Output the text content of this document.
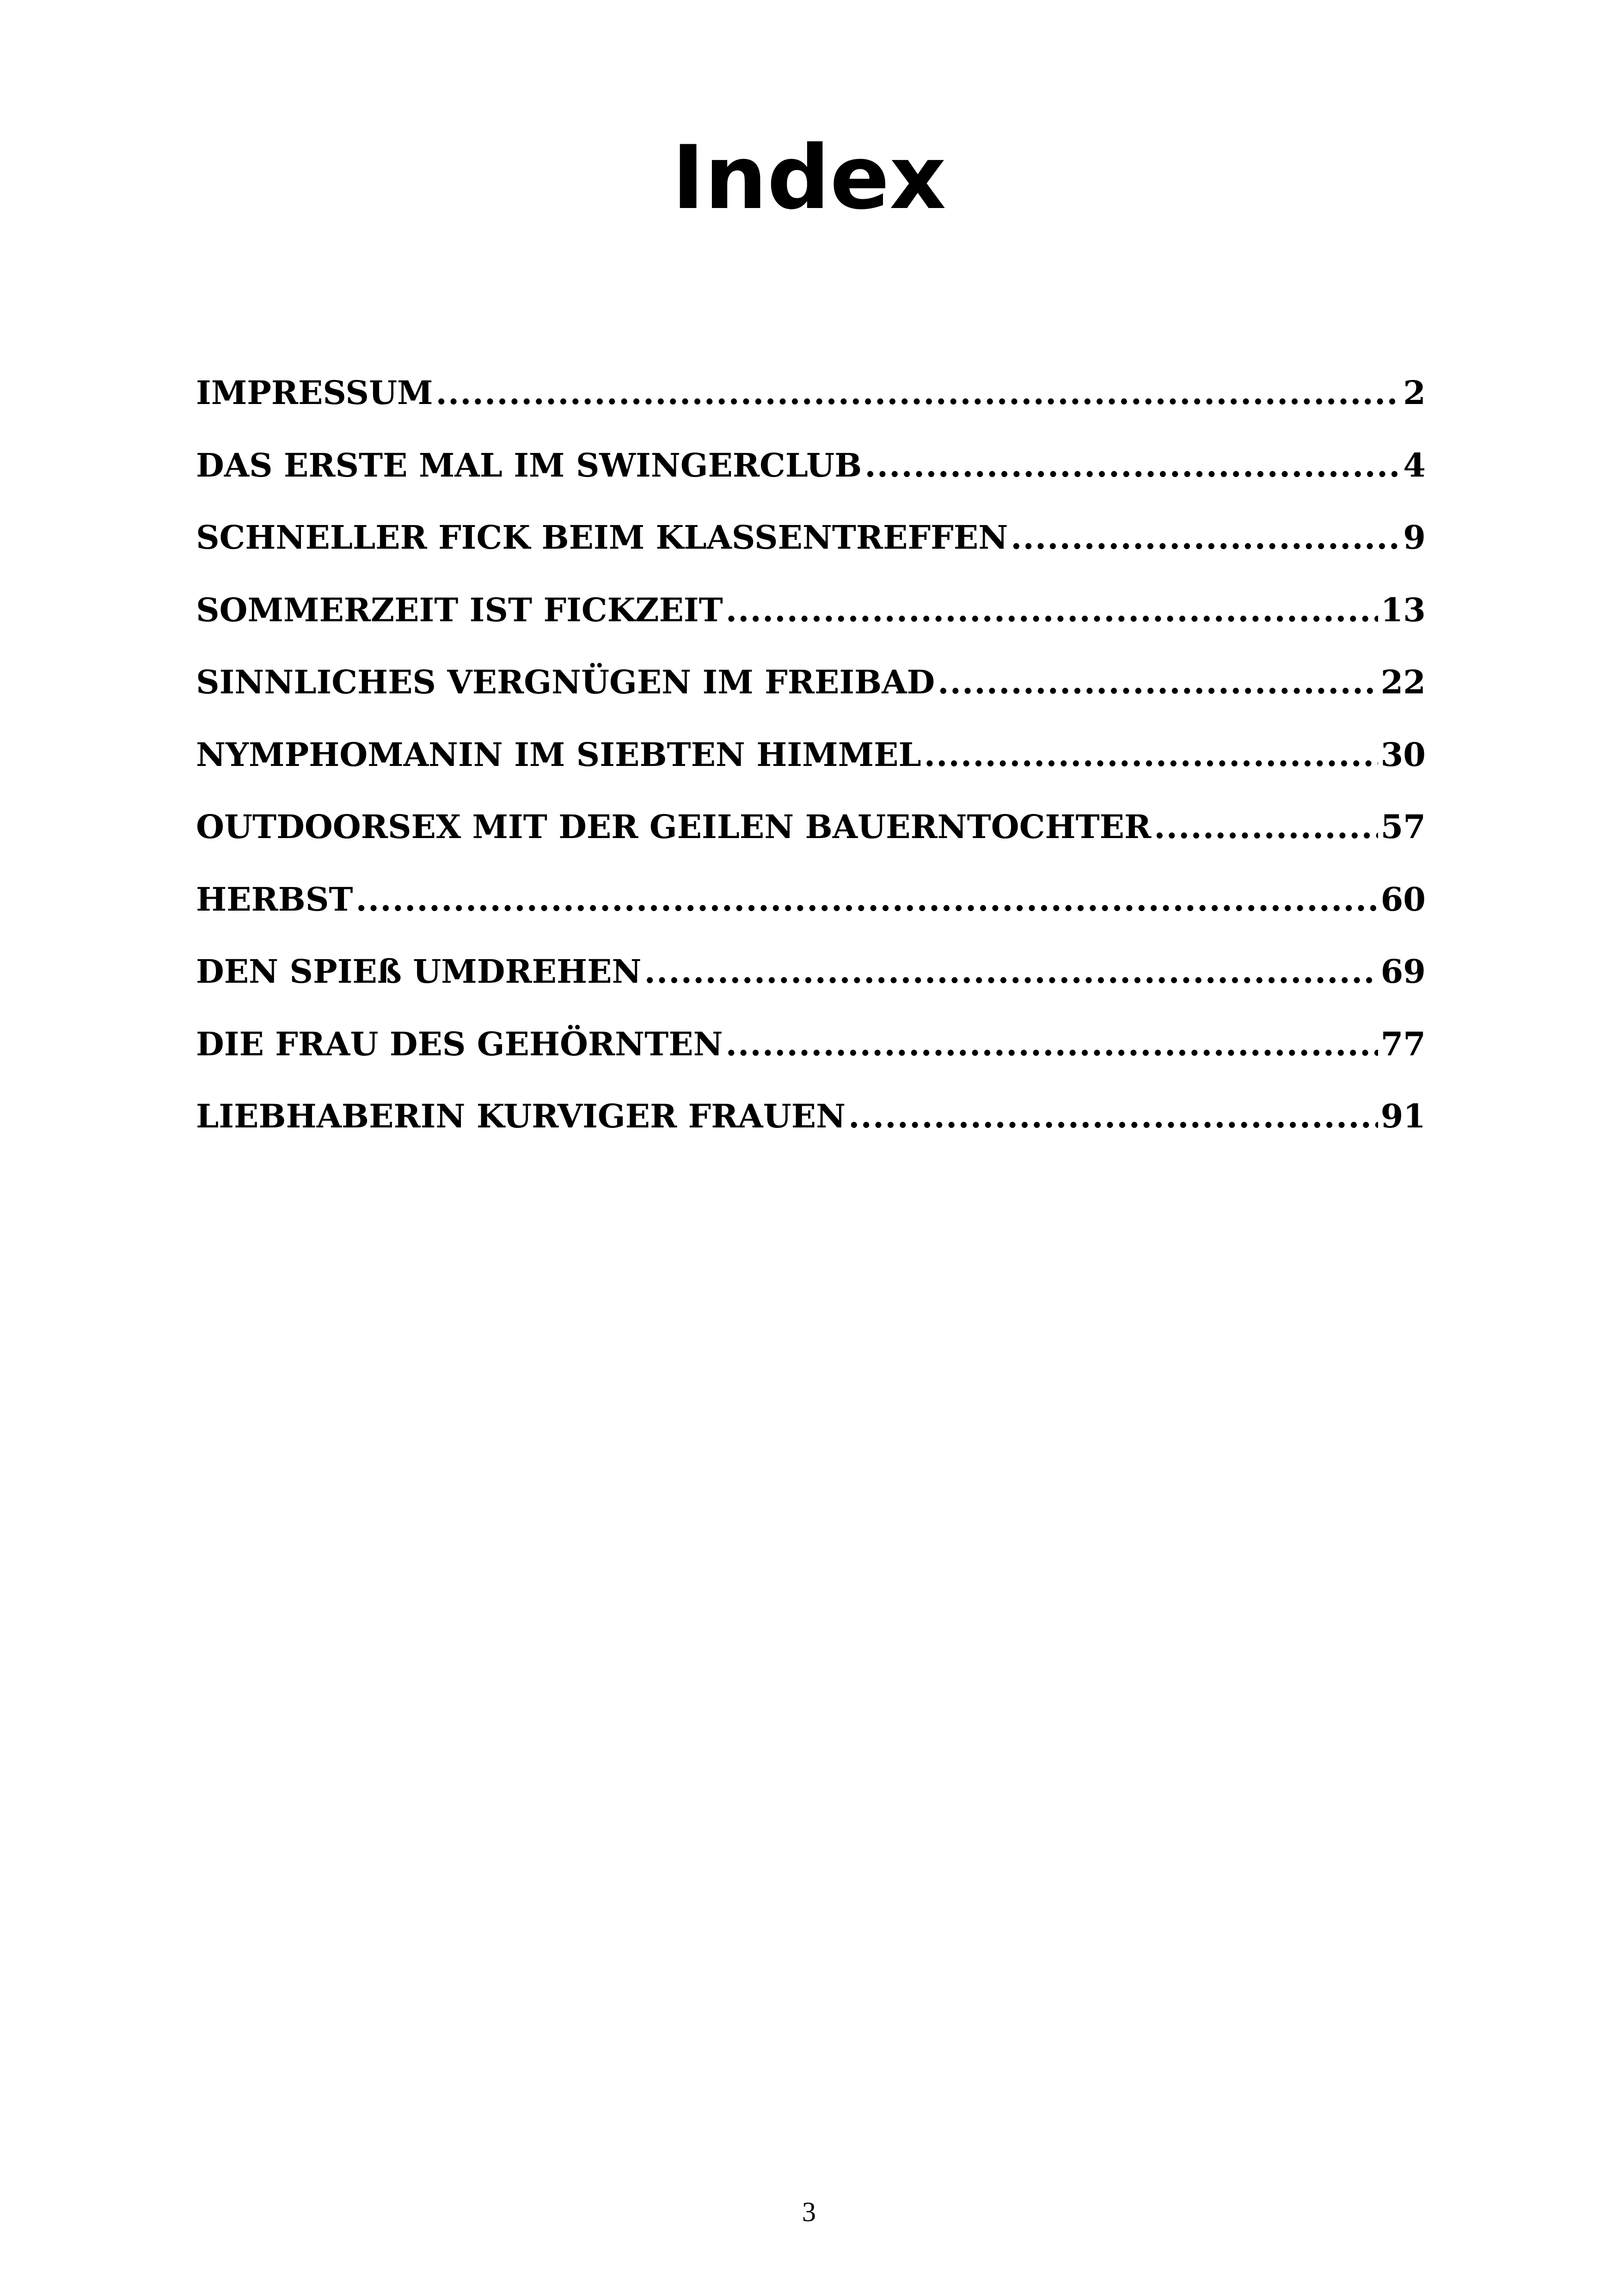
Index
IMPRESSUM .....	2
DAS ERSTE MAL IM SWINGERCLUB .....	4
SCHNELLER FICK BEIM KLASSENTREFFEN .....	9
SOMMERZEIT IST FICKZEIT .....	13
SINNLICHES VERGNÜGEN IM FREIBAD .....	22
NYMPHOMANIN IM SIEBTEN HIMMEL .....	30
OUTDOORSEX MIT DER GEILEN BAUERNTOCHTER .....	57
HERBST .....	60
DEN SPIEß UMDREHEN .....	69
DIE FRAU DES GEHÖRNTEN .....	77
LIEBHABERIN KURVIGER FRAUEN .....	91
3
